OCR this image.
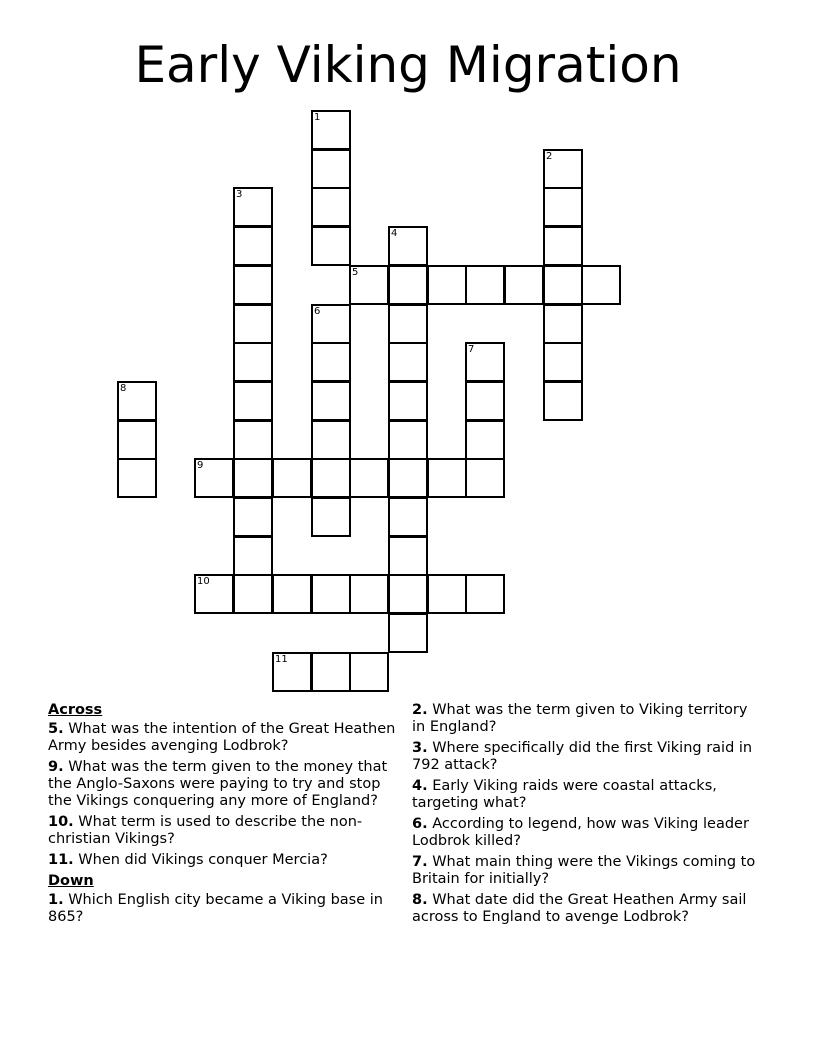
Early Viking Migration
1
2
3
4
5
6
7
8
9
10
11
Across
5. What was the intention of the Great Heathen Army besides avenging Lodbrok?
9. What was the term given to the money that the Anglo-Saxons were paying to try and stop the Vikings conquering any more of England?
10. What term is used to describe the non-christian Vikings?
11. When did Vikings conquer Mercia?
Down
1. Which English city became a Viking base in 865?
2. What was the term given to Viking territory in England?
3. Where specifically did the first Viking raid in 792 attack?
4. Early Viking raids were coastal attacks, targeting what?
6. According to legend, how was Viking leader Lodbrok killed?
7. What main thing were the Vikings coming to Britain for initially?
8. What date did the Great Heathen Army sail across to England to avenge Lodbrok?
